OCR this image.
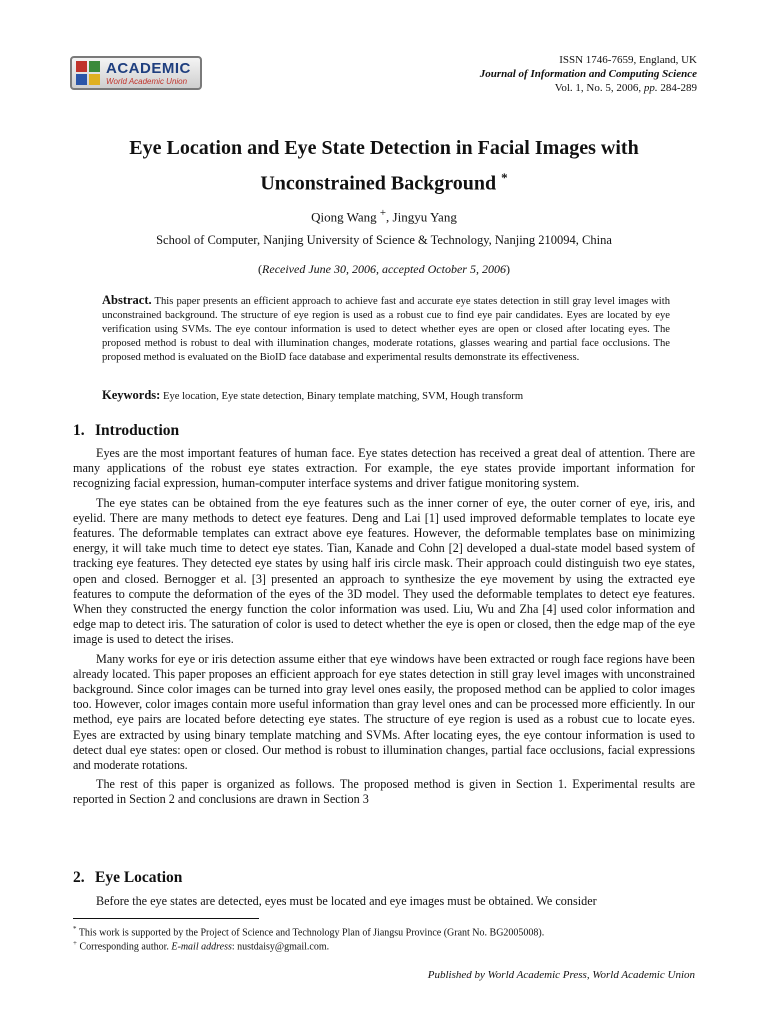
ACADEMIC
World Academic Union
ISSN 1746-7659, England, UK
Journal of Information and Computing Science
Vol. 1, No. 5, 2006, pp. 284-289
Eye Location and Eye State Detection in Facial Images with
Unconstrained Background *
Qiong Wang +, Jingyu Yang
School of Computer, Nanjing University of Science & Technology, Nanjing 210094, China
(Received June 30, 2006, accepted October 5, 2006)
Abstract. This paper presents an efficient approach to achieve fast and accurate eye states detection in still gray level images with unconstrained background. The structure of eye region is used as a robust cue to find eye pair candidates. Eyes are located by eye verification using SVMs. The eye contour information is used to detect whether eyes are open or closed after locating eyes. The proposed method is robust to deal with illumination changes, moderate rotations, glasses wearing and partial face occlusions. The proposed method is evaluated on the BioID face database and experimental results demonstrate its effectiveness.
Keywords: Eye location, Eye state detection, Binary template matching, SVM, Hough transform
1. Introduction

Eyes are the most important features of human face. Eye states detection has received a great deal of attention. There are many applications of the robust eye states extraction. For example, the eye states provide important information for recognizing facial expression, human-computer interface systems and driver fatigue monitoring system.

The eye states can be obtained from the eye features such as the inner corner of eye, the outer corner of eye, iris, and eyelid. There are many methods to detect eye features. Deng and Lai [1] used improved deformable templates to locate eye features. The deformable templates can extract above eye features. However, the deformable templates base on minimizing energy, it will take much time to detect eye states. Tian, Kanade and Cohn [2] developed a dual-state model based system of tracking eye features. They detected eye states by using half iris circle mask. Their approach could distinguish two eye states, open and closed. Bernogger et al. [3] presented an approach to synthesize the eye movement by using the extracted eye features to compute the deformation of the eyes of the 3D model. They used the deformable templates to detect eye features. When they constructed the energy function the color information was used. Liu, Wu and Zha [4] used color information and edge map to detect iris. The saturation of color is used to detect whether the eye is open or closed, then the edge map of the eye image is used to detect the irises.

Many works for eye or iris detection assume either that eye windows have been extracted or rough face regions have been already located. This paper proposes an efficient approach for eye states detection in still gray level images with unconstrained background. Since color images can be turned into gray level ones easily, the proposed method can be applied to color images too. However, color images contain more useful information than gray level ones and can be processed more efficiently. In our method, eye pairs are located before detecting eye states. The structure of eye region is used as a robust cue to locate eyes. Eyes are extracted by using binary template matching and SVMs. After locating eyes, the eye contour information is used to detect dual eye states: open or closed. Our method is robust to illumination changes, partial face occlusions, facial expressions and moderate rotations.

The rest of this paper is organized as follows. The proposed method is given in Section 1. Experimental results are reported in Section 2 and conclusions are drawn in Section 3

2. Eye Location

Before the eye states are detected, eyes must be located and eye images must be obtained. We consider

* This work is supported by the Project of Science and Technology Plan of Jiangsu Province (Grant No. BG2005008).
+ Corresponding author. E-mail address: nustdaisy@gmail.com.
Published by World Academic Press, World Academic Union
